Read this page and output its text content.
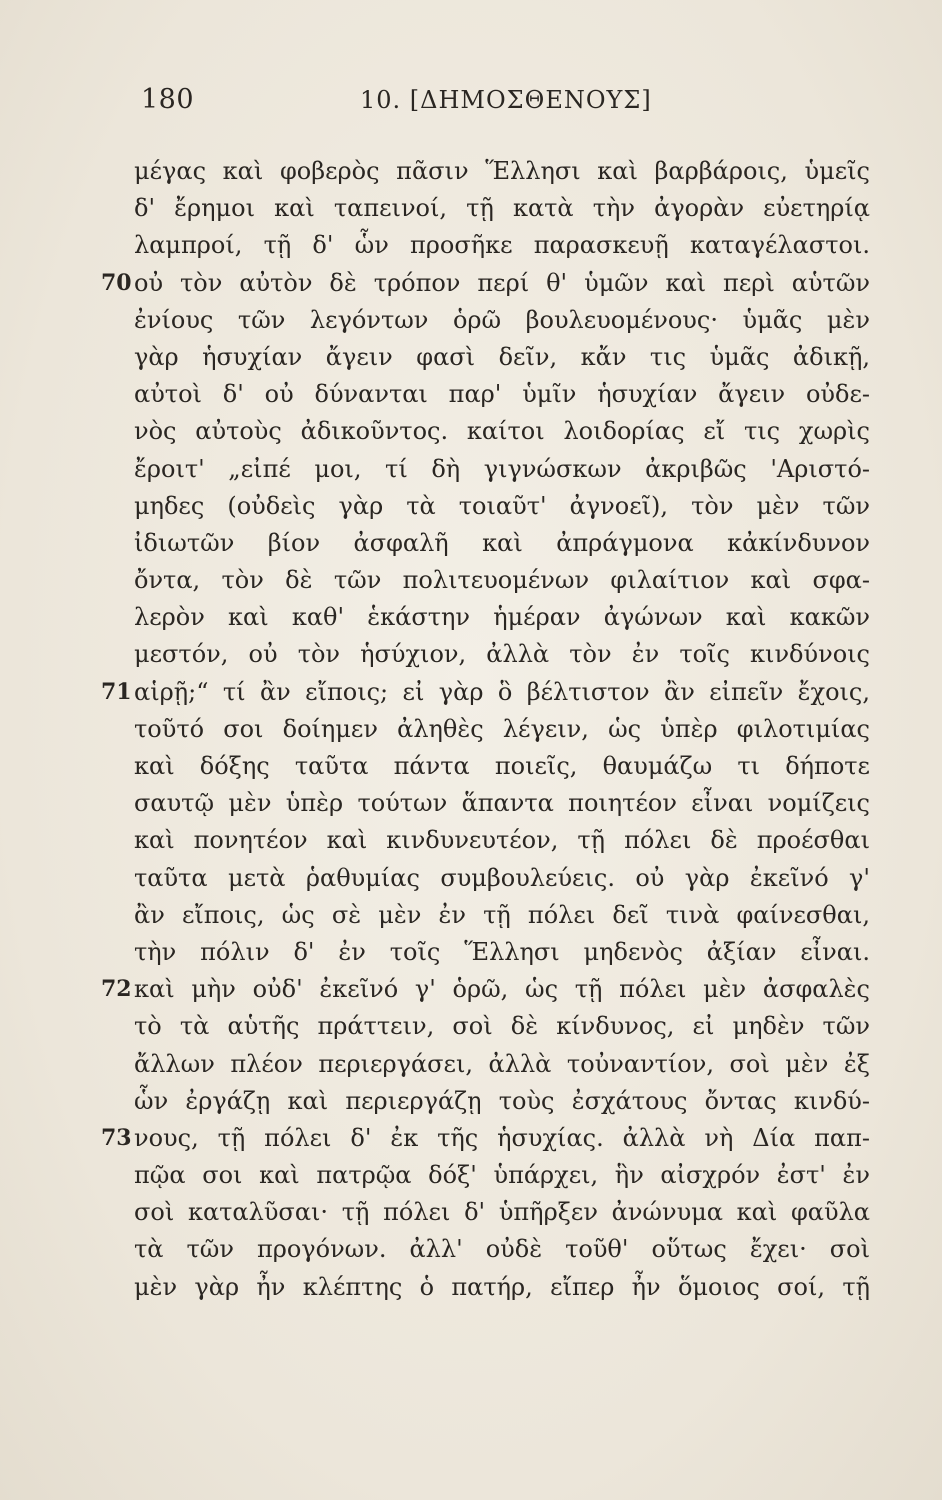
180	10. [ΔΗΜΟΣΘΕΝΟΥΣ]
μέγας καὶ φοβερὸς πᾶσιν Ἕλλησι καὶ βαρβάροις, ὑμεῖς
δ' ἔρημοι καὶ ταπεινοί, τῇ κατὰ τὴν ἀγορὰν εὐετηρίᾳ
λαμπροί, τῇ δ' ὧν προσῆκε παρασκευῇ καταγέλαστοι.
70 οὐ τὸν αὐτὸν δὲ τρόπον περί θ' ὑμῶν καὶ περὶ αὑτῶν
ἐνίους τῶν λεγόντων ὁρῶ βουλευομένους· ὑμᾶς μὲν
γὰρ ἡσυχίαν ἄγειν φασὶ δεῖν, κἄν τις ὑμᾶς ἀδικῇ,
αὐτοὶ δ' οὐ δύνανται παρ' ὑμῖν ἡσυχίαν ἄγειν οὐδε-
νὸς αὐτοὺς ἀδικοῦντος. καίτοι λοιδορίας εἴ τις χωρὶς
ἔροιτ' „εἰπέ μοι, τί δὴ γιγνώσκων ἀκριβῶς 'Αριστό-
μηδες (οὐδεὶς γὰρ τὰ τοιαῦτ' ἀγνοεῖ), τὸν μὲν τῶν
ἰδιωτῶν βίον ἀσφαλῆ καὶ ἀπράγμονα κἀκίνδυνον
ὄντα, τὸν δὲ τῶν πολιτευομένων φιλαίτιον καὶ σφα-
λερὸν καὶ καθ' ἑκάστην ἡμέραν ἀγώνων καὶ κακῶν
μεστόν, οὐ τὸν ἡσύχιον, ἀλλὰ τὸν ἐν τοῖς κινδύνοις
71 αἱρῇ;“ τί ἂν εἴποις; εἰ γὰρ ὃ βέλτιστον ἂν εἰπεῖν ἔχοις,
τοῦτό σοι δοίημεν ἀληθὲς λέγειν, ὡς ὑπὲρ φιλοτιμίας
καὶ δόξης ταῦτα πάντα ποιεῖς, θαυμάζω τι δήποτε
σαυτῷ μὲν ὑπὲρ τούτων ἅπαντα ποιητέον εἶναι νομίζεις
καὶ πονητέον καὶ κινδυνευτέον, τῇ πόλει δὲ προέσθαι
ταῦτα μετὰ ῥαθυμίας συμβουλεύεις. οὐ γὰρ ἐκεῖνό γ'
ἂν εἴποις, ὡς σὲ μὲν ἐν τῇ πόλει δεῖ τινὰ φαίνεσθαι,
τὴν πόλιν δ' ἐν τοῖς Ἕλλησι μηδενὸς ἀξίαν εἶναι.
72 καὶ μὴν οὐδ' ἐκεῖνό γ' ὁρῶ, ὡς τῇ πόλει μὲν ἀσφαλὲς
τὸ τὰ αὑτῆς πράττειν, σοὶ δὲ κίνδυνος, εἰ μηδὲν τῶν
ἄλλων πλέον περιεργάσει, ἀλλὰ τοὐναντίον, σοὶ μὲν ἐξ
ὧν ἐργάζῃ καὶ περιεργάζῃ τοὺς ἐσχάτους ὄντας κινδύ-
73 νους, τῇ πόλει δ' ἐκ τῆς ἡσυχίας. ἀλλὰ νὴ Δία παπ-
πῷα σοι καὶ πατρῷα δόξ' ὑπάρχει, ἣν αἰσχρόν ἐστ' ἐν
σοὶ καταλῦσαι· τῇ πόλει δ' ὑπῆρξεν ἀνώνυμα καὶ φαῦλα
τὰ τῶν προγόνων. ἀλλ' οὐδὲ τοῦθ' οὕτως ἔχει· σοὶ
μὲν γὰρ ἦν κλέπτης ὁ πατήρ, εἴπερ ἦν ὅμοιος σοί, τῇ
